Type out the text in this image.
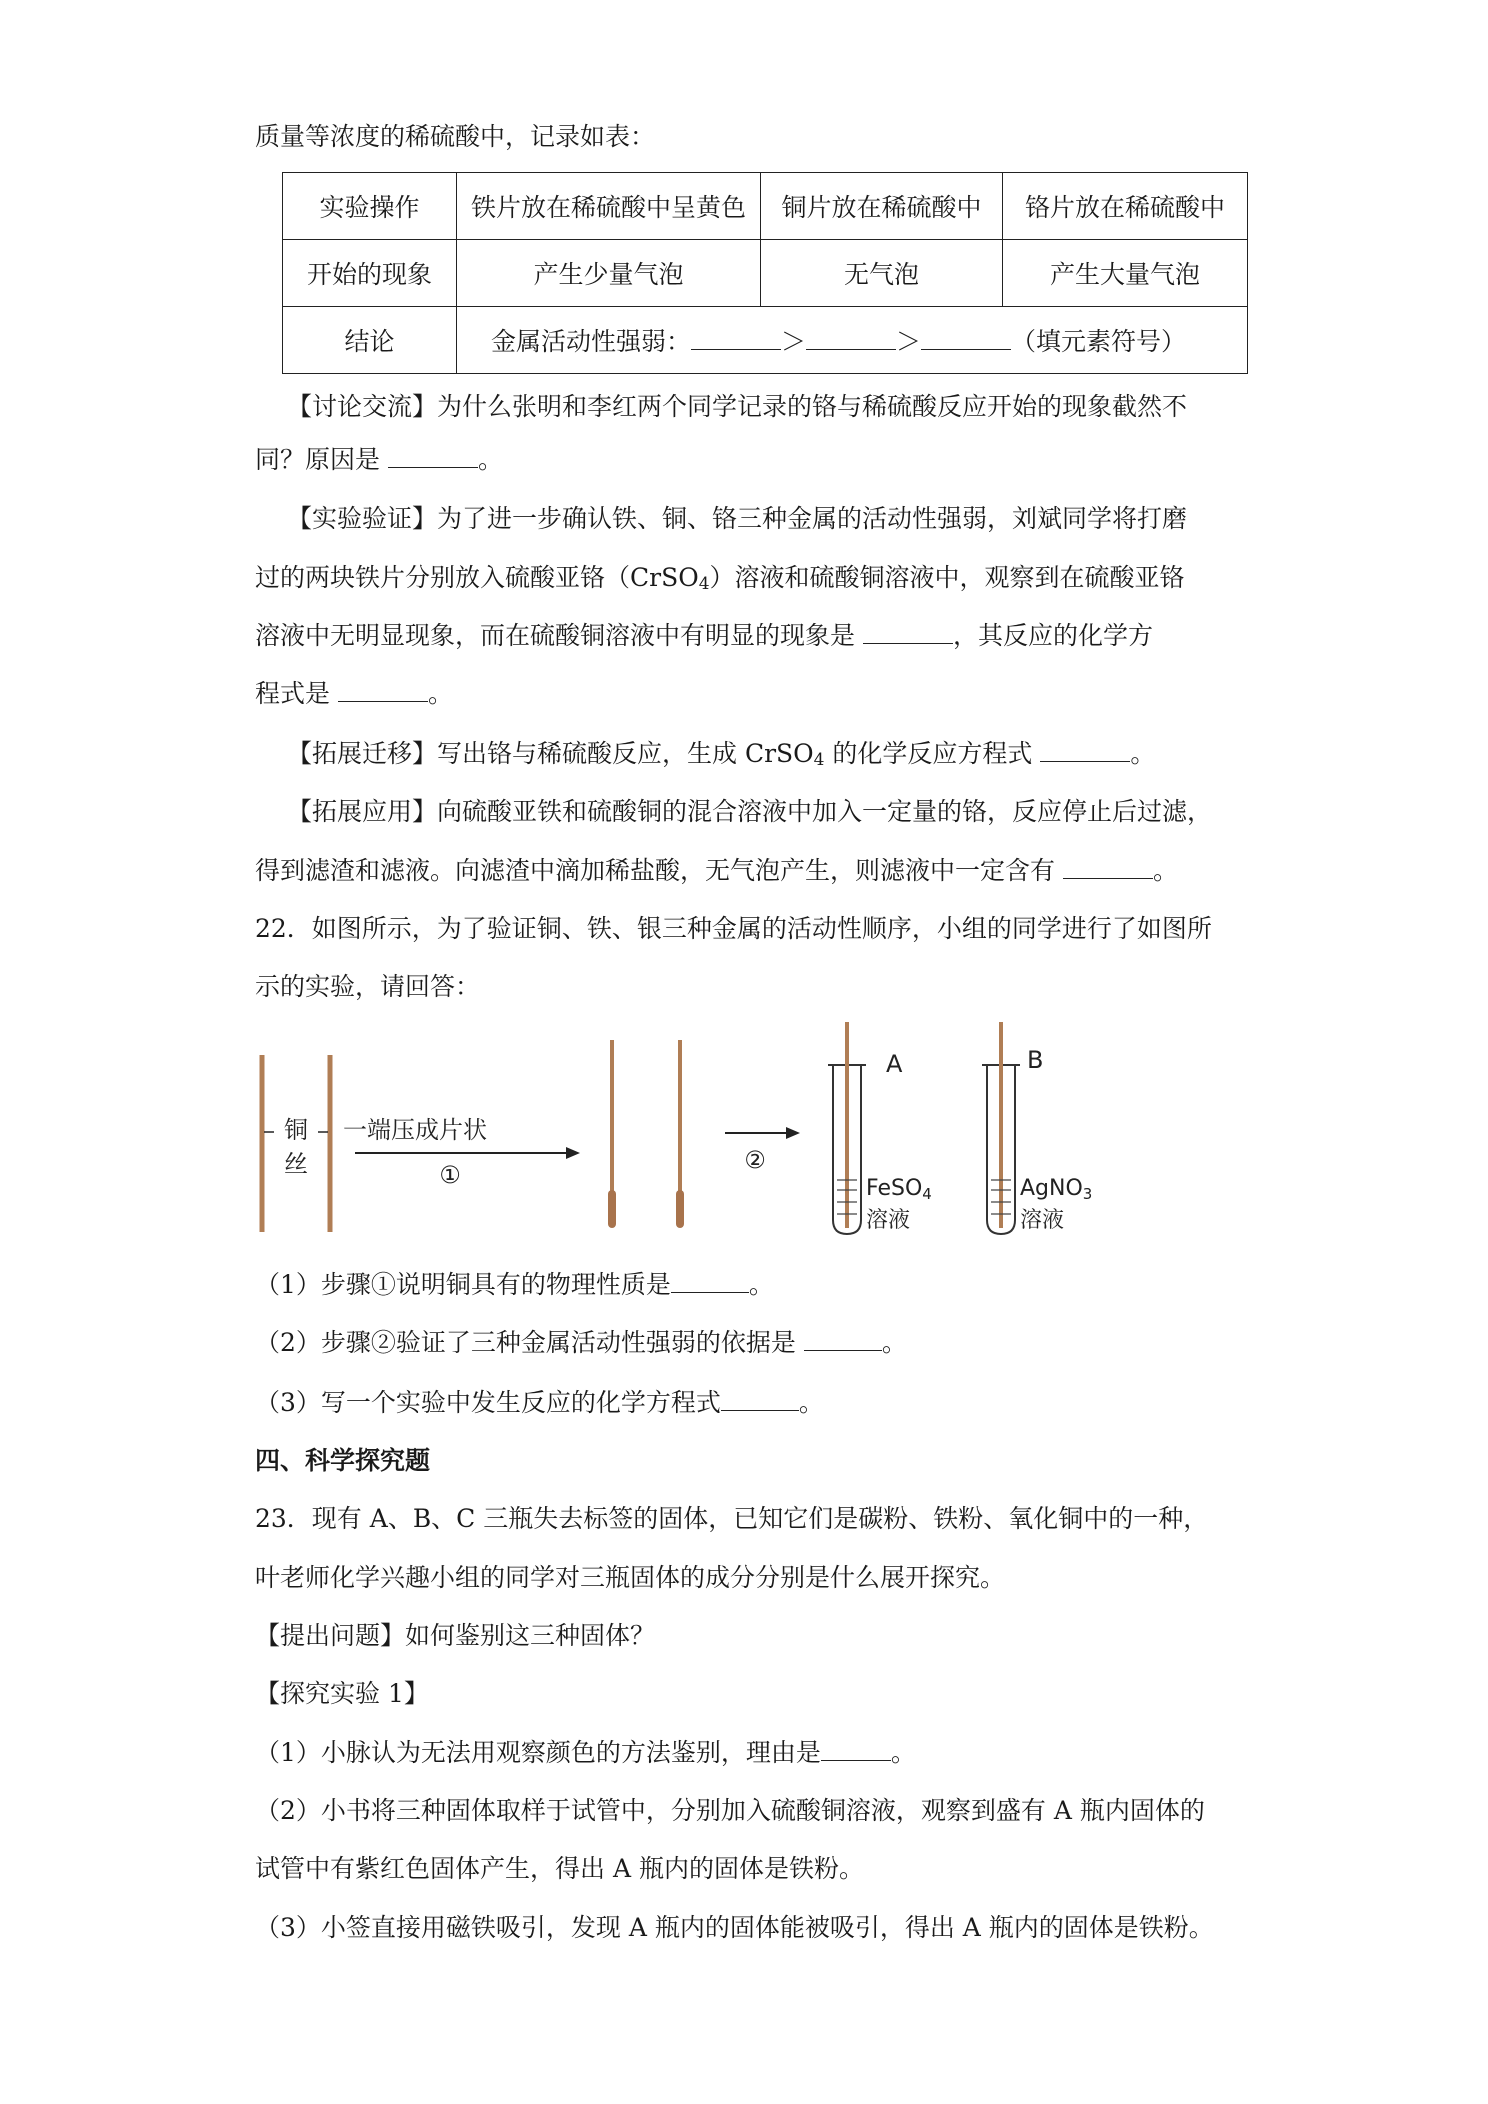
质量等浓度的稀硫酸中，记录如表：
实验操作	铁片放在稀硫酸中呈黄色	铜片放在稀硫酸中	铬片放在稀硫酸中
开始的现象	产生少量气泡	无气泡	产生大量气泡
结论	金属活动性强弱： ＞ ＞ （填元素符号）		
【讨论交流】为什么张明和李红两个同学记录的铬与稀硫酸反应开始的现象截然不
同？原因是	。
【实验验证】为了进一步确认铁、铜、铬三种金属的活动性强弱，刘斌同学将打磨
过的两块铁片分别放入硫酸亚铬（CrSO$_4$）溶液和硫酸铜溶液中，观察到在硫酸亚铬
溶液中无明显现象，而在硫酸铜溶液中有明显的现象是	，其反应的化学方
程式是	。
【拓展迁移】写出铬与稀硫酸反应，生成 CrSO$_4$ 的化学反应方程式	。
【拓展应用】向硫酸亚铁和硫酸铜的混合溶液中加入一定量的铬，反应停止后过滤，
得到滤渣和滤液。向滤渣中滴加稀盐酸，无气泡产生，则滤液中一定含有	。
22．如图所示，为了验证铜、铁、银三种金属的活动性顺序，小组的同学进行了如图所
示的实验，请回答：
铜
丝
一端压成片状
①
②
A
FeSO4
溶液
B
AgNO3
溶液
（1）步骤①说明铜具有的物理性质是	。
（2）步骤②验证了三种金属活动性强弱的依据是	。
（3）写一个实验中发生反应的化学方程式	。
四、科学探究题
23．现有 A、B、C 三瓶失去标签的固体，已知它们是碳粉、铁粉、氧化铜中的一种，
叶老师化学兴趣小组的同学对三瓶固体的成分分别是什么展开探究。
【提出问题】如何鉴别这三种固体？
【探究实验 1】
（1）小脉认为无法用观察颜色的方法鉴别，理由是	。
（2）小书将三种固体取样于试管中，分别加入硫酸铜溶液，观察到盛有 A 瓶内固体的
试管中有紫红色固体产生，得出 A 瓶内的固体是铁粉。
（3）小签直接用磁铁吸引，发现 A 瓶内的固体能被吸引，得出 A 瓶内的固体是铁粉。
